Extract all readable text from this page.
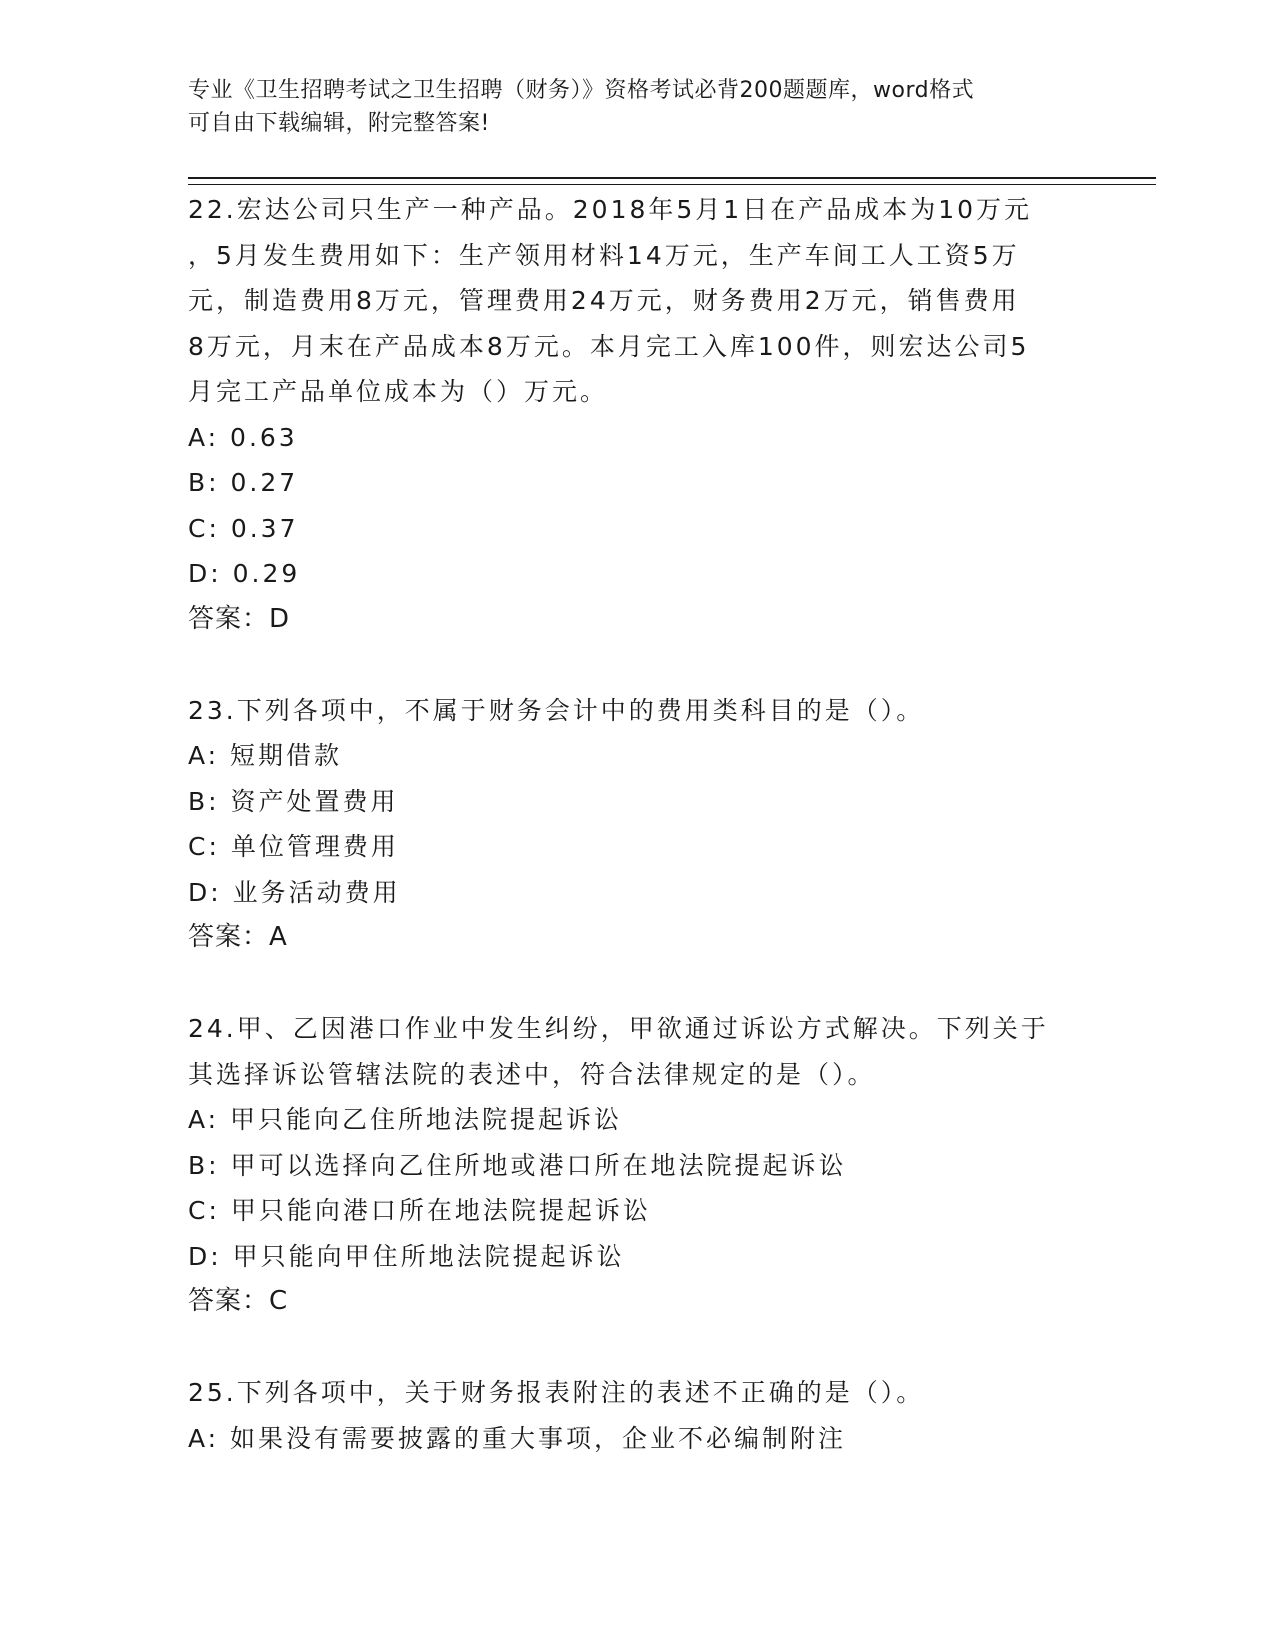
专业《卫生招聘考试之卫生招聘（财务）》资格考试必背200题题库，word格式
可自由下载编辑，附完整答案!
22.宏达公司只生产一种产品。2018年5月1日在产品成本为10万元
，5月发生费用如下：生产领用材料14万元，生产车间工人工资5万
元，制造费用8万元，管理费用24万元，财务费用2万元，销售费用
8万元，月末在产品成本8万元。本月完工入库100件，则宏达公司5
月完工产品单位成本为（）万元。
A: 0.63
B: 0.27
C: 0.37
D: 0.29
答案：D
23.下列各项中，不属于财务会计中的费用类科目的是（）。
A: 短期借款
B: 资产处置费用
C: 单位管理费用
D: 业务活动费用
答案：A
24.甲、乙因港口作业中发生纠纷，甲欲通过诉讼方式解决。下列关于
其选择诉讼管辖法院的表述中，符合法律规定的是（）。
A: 甲只能向乙住所地法院提起诉讼
B: 甲可以选择向乙住所地或港口所在地法院提起诉讼
C: 甲只能向港口所在地法院提起诉讼
D: 甲只能向甲住所地法院提起诉讼
答案：C
25.下列各项中，关于财务报表附注的表述不正确的是（）。
A: 如果没有需要披露的重大事项，企业不必编制附注
